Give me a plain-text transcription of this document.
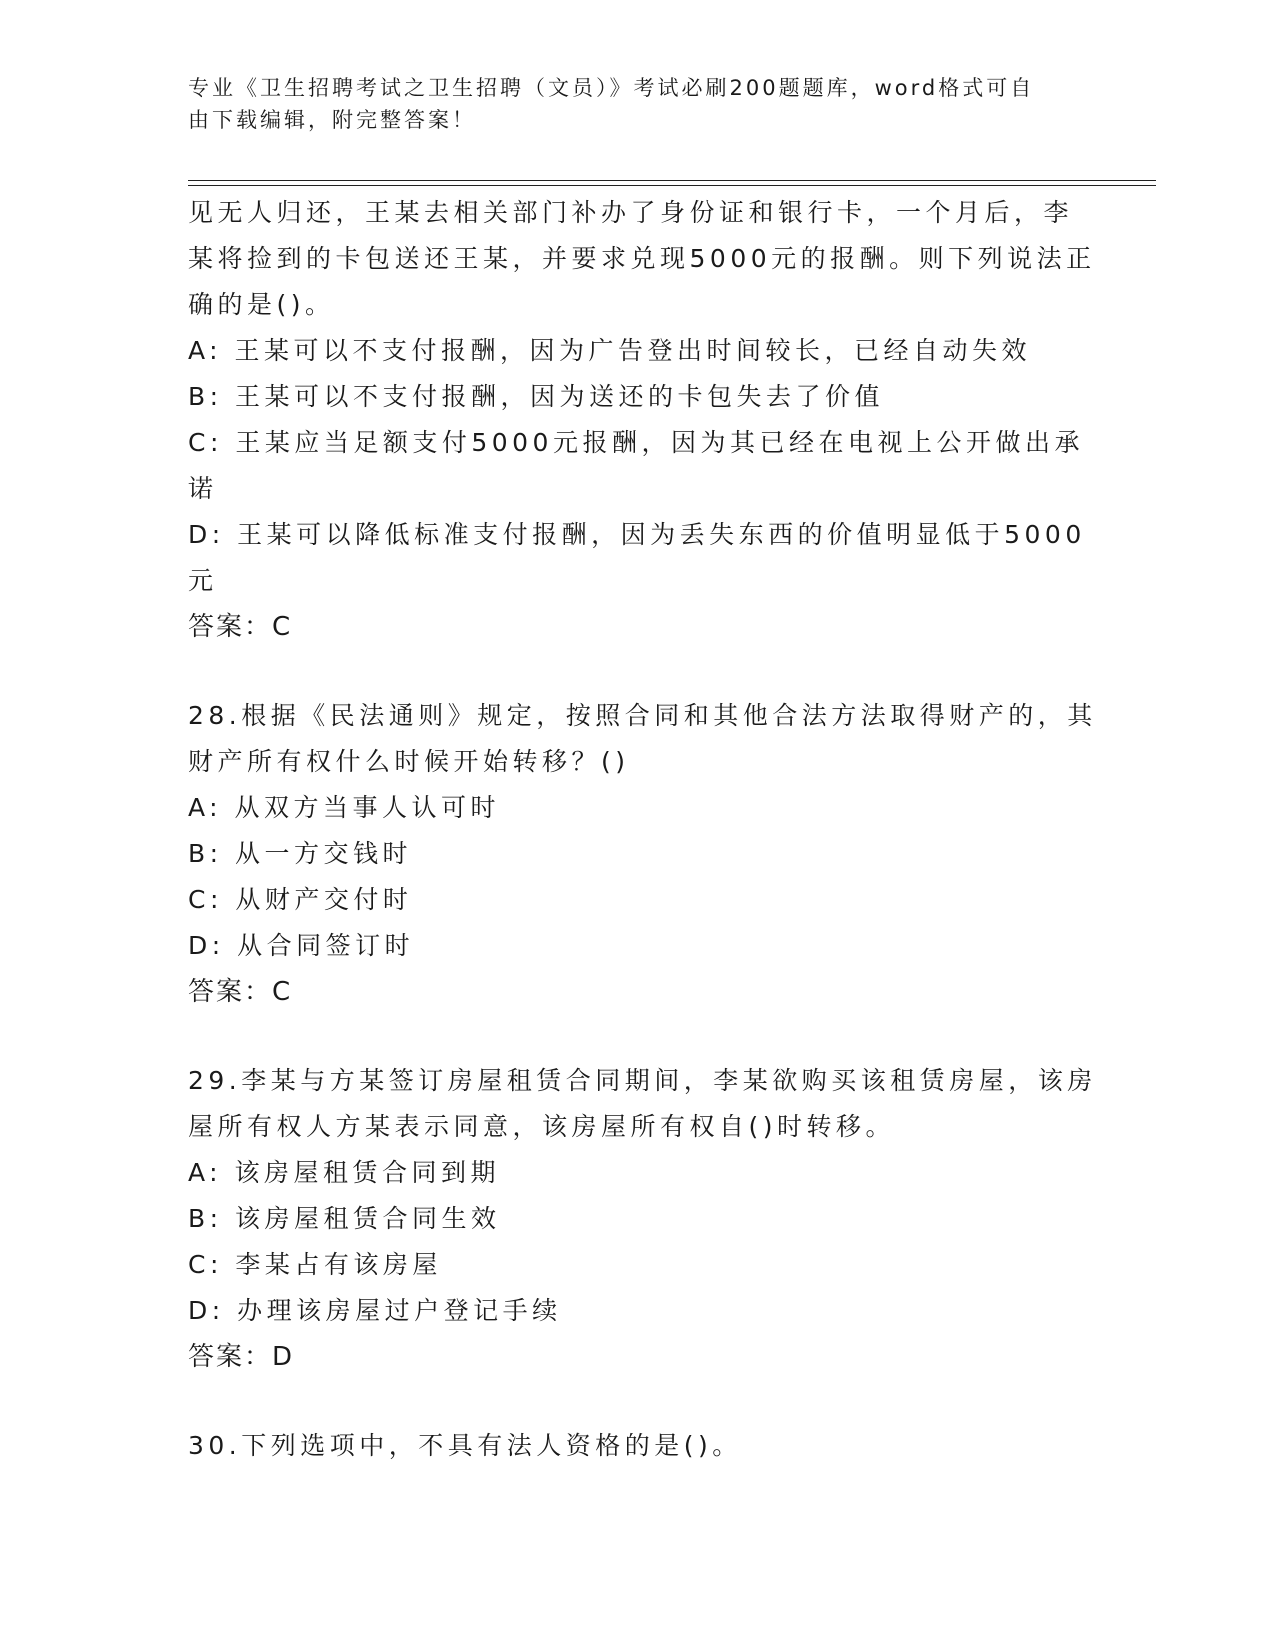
专业《卫生招聘考试之卫生招聘（文员）》考试必刷200题题库，word格式可自
由下载编辑，附完整答案！
见无人归还，王某去相关部门补办了身份证和银行卡，一个月后，李
某将捡到的卡包送还王某，并要求兑现5000元的报酬。则下列说法正
确的是()。
A: 王某可以不支付报酬，因为广告登出时间较长，已经自动失效
B: 王某可以不支付报酬，因为送还的卡包失去了价值
C: 王某应当足额支付5000元报酬，因为其已经在电视上公开做出承
诺
D: 王某可以降低标准支付报酬，因为丢失东西的价值明显低于5000
元
答案：C
28.根据《民法通则》规定，按照合同和其他合法方法取得财产的，其
财产所有权什么时候开始转移？()
A: 从双方当事人认可时
B: 从一方交钱时
C: 从财产交付时
D: 从合同签订时
答案：C
29.李某与方某签订房屋租赁合同期间，李某欲购买该租赁房屋，该房
屋所有权人方某表示同意，该房屋所有权自()时转移。
A: 该房屋租赁合同到期
B: 该房屋租赁合同生效
C: 李某占有该房屋
D: 办理该房屋过户登记手续
答案：D
30.下列选项中，不具有法人资格的是()。
